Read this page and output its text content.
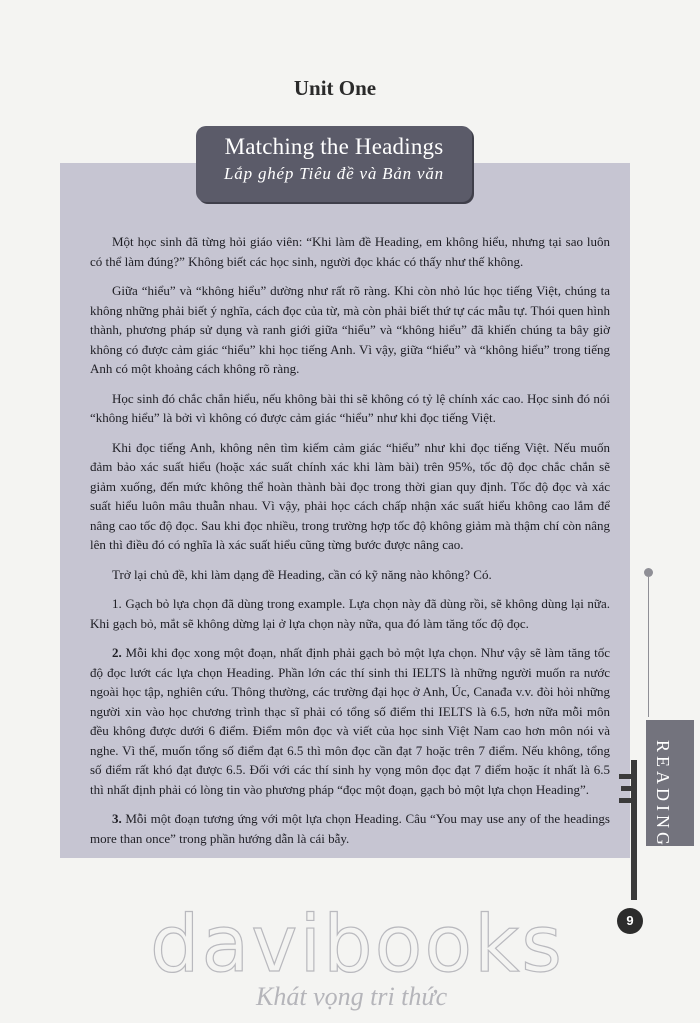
Unit One
Matching the Headings
Lắp ghép Tiêu đề và Bản văn

Một học sinh đã từng hỏi giáo viên: “Khi làm đề Heading, em không hiểu, nhưng tại sao luôn có thể làm đúng?” Không biết các học sinh, người đọc khác có thấy như thế không.

Giữa “hiểu” và “không hiểu” dường như rất rõ ràng. Khi còn nhỏ lúc học tiếng Việt, chúng ta không những phải biết ý nghĩa, cách đọc của từ, mà còn phải biết thứ tự các mẫu tự. Thói quen hình thành, phương pháp sử dụng và ranh giới giữa “hiểu” và “không hiểu” đã khiến chúng ta bây giờ không có được cảm giác “hiểu” khi học tiếng Anh. Vì vậy, giữa “hiểu” và “không hiểu” trong tiếng Anh có một khoảng cách không rõ ràng.

Học sinh đó chắc chắn hiểu, nếu không bài thi sẽ không có tỷ lệ chính xác cao. Học sinh đó nói “không hiểu” là bởi vì không có được cảm giác “hiểu” như khi đọc tiếng Việt.

Khi đọc tiếng Anh, không nên tìm kiếm cảm giác “hiểu” như khi đọc tiếng Việt. Nếu muốn đảm bảo xác suất hiểu (hoặc xác suất chính xác khi làm bài) trên 95%, tốc độ đọc chắc chắn sẽ giảm xuống, đến mức không thể hoàn thành bài đọc trong thời gian quy định. Tốc độ đọc và xác suất hiểu luôn mâu thuẫn nhau. Vì vậy, phải học cách chấp nhận xác suất hiểu không cao lắm để nâng cao tốc độ đọc. Sau khi đọc nhiều, trong trường hợp tốc độ không giảm mà thậm chí còn nâng lên thì điều đó có nghĩa là xác suất hiểu cũng từng bước được nâng cao.

Trở lại chủ đề, khi làm dạng đề Heading, cần có kỹ năng nào không? Có.

1. Gạch bỏ lựa chọn đã dùng trong example. Lựa chọn này đã dùng rồi, sẽ không dùng lại nữa. Khi gạch bỏ, mắt sẽ không dừng lại ở lựa chọn này nữa, qua đó làm tăng tốc độ đọc.

2. Mỗi khi đọc xong một đoạn, nhất định phải gạch bỏ một lựa chọn. Như vậy sẽ làm tăng tốc độ đọc lướt các lựa chọn Heading. Phần lớn các thí sinh thi IELTS là những người muốn ra nước ngoài học tập, nghiên cứu. Thông thường, các trường đại học ở Anh, Úc, Canađa v.v. đòi hỏi những người xin vào học chương trình thạc sĩ phải có tổng số điểm thi IELTS là 6.5, hơn nữa mỗi môn đều không được dưới 6 điểm. Điểm môn đọc và viết của học sinh Việt Nam cao hơn môn nói và nghe. Vì thế, muốn tổng số điểm đạt 6.5 thì môn đọc cần đạt 7 hoặc trên 7 điểm. Nếu không, tổng số điểm rất khó đạt được 6.5. Đối với các thí sinh hy vọng môn đọc đạt 7 điểm hoặc ít nhất là 6.5 thì nhất định phải có lòng tin vào phương pháp “đọc một đoạn, gạch bỏ một lựa chọn Heading”.

3. Mỗi một đoạn tương ứng với một lựa chọn Heading. Câu “You may use any of the headings more than once” trong phần hướng dẫn là cái bẫy.	READING
9
davibooks
Khát vọng tri thức
